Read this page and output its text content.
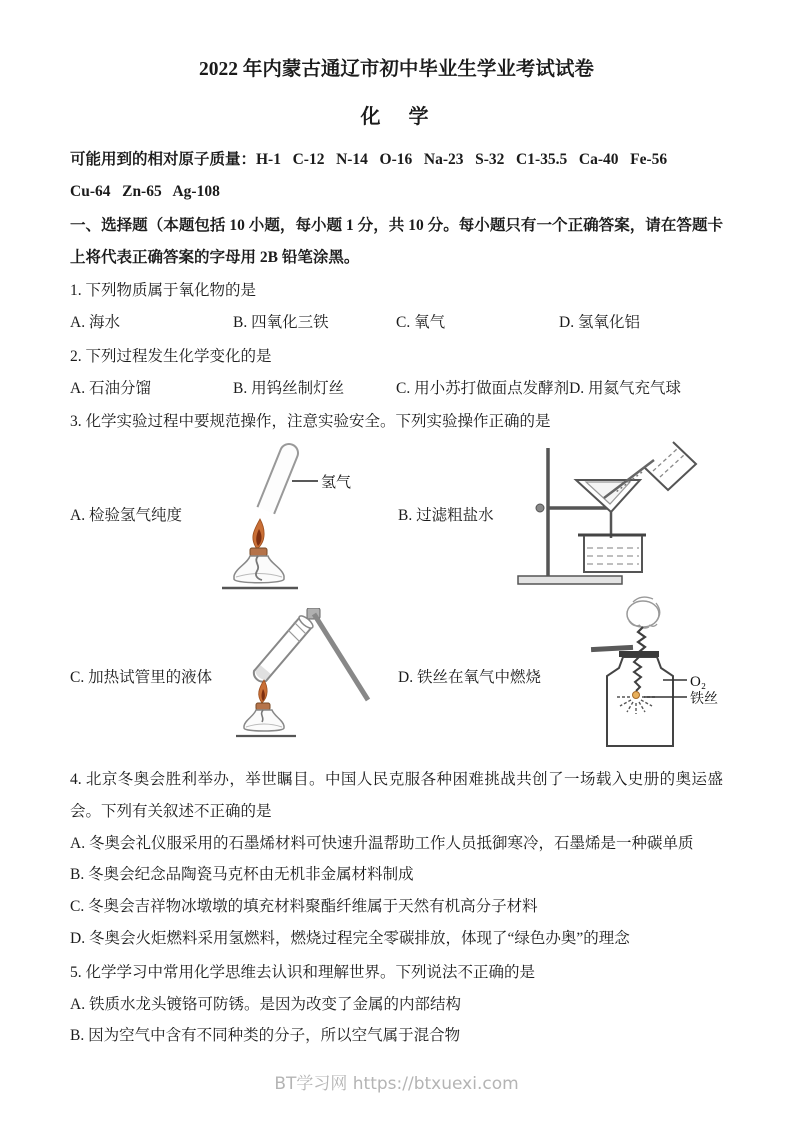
2022 年内蒙古通辽市初中毕业生学业考试试卷
化　学

可能用到的相对原子质量：H-1   C-12   N-14   O-16   Na-23   S-32   C1-35.5   Ca-40   Fe-56

Cu-64   Zn-65   Ag-108

一、选择题（本题包括 10 小题，每小题 1 分，共 10 分。每小题只有一个正确答案，请在答题卡上将代表正确答案的字母用 2B 铅笔涂黑。

1. 下列物质属于氧化物的是

A. 海水	B. 四氧化三铁	C. 氧气	D. 氢氧化铝

2. 下列过程发生化学变化的是

A. 石油分馏	B. 用钨丝制灯丝	C. 用小苏打做面点发酵剂 D. 用氦气充气球

3. 化学实验过程中要规范操作，注意实验安全。下列实验操作正确的是

A. 检验氢气纯度
氢气
B. 过滤粗盐水
C. 加热试管里的液体	D. 铁丝在氧气中燃烧	O₂
铁丝

4. 北京冬奥会胜利举办，举世瞩目。中国人民克服各种困难挑战共创了一场载入史册的奥运盛会。下列有关叙述不正确的是

A. 冬奥会礼仪服采用的石墨烯材料可快速升温帮助工作人员抵御寒冷，石墨烯是一种碳单质

B. 冬奥会纪念品陶瓷马克杯由无机非金属材料制成

C. 冬奥会吉祥物冰墩墩的填充材料聚酯纤维属于天然有机高分子材料

D. 冬奥会火炬燃料采用氢燃料，燃烧过程完全零碳排放，体现了“绿色办奥”的理念

5. 化学学习中常用化学思维去认识和理解世界。下列说法不正确的是

A. 铁质水龙头镀铬可防锈。是因为改变了金属的内部结构

B. 因为空气中含有不同种类的分子，所以空气属于混合物

BT学习网 https://btxuexi.com
